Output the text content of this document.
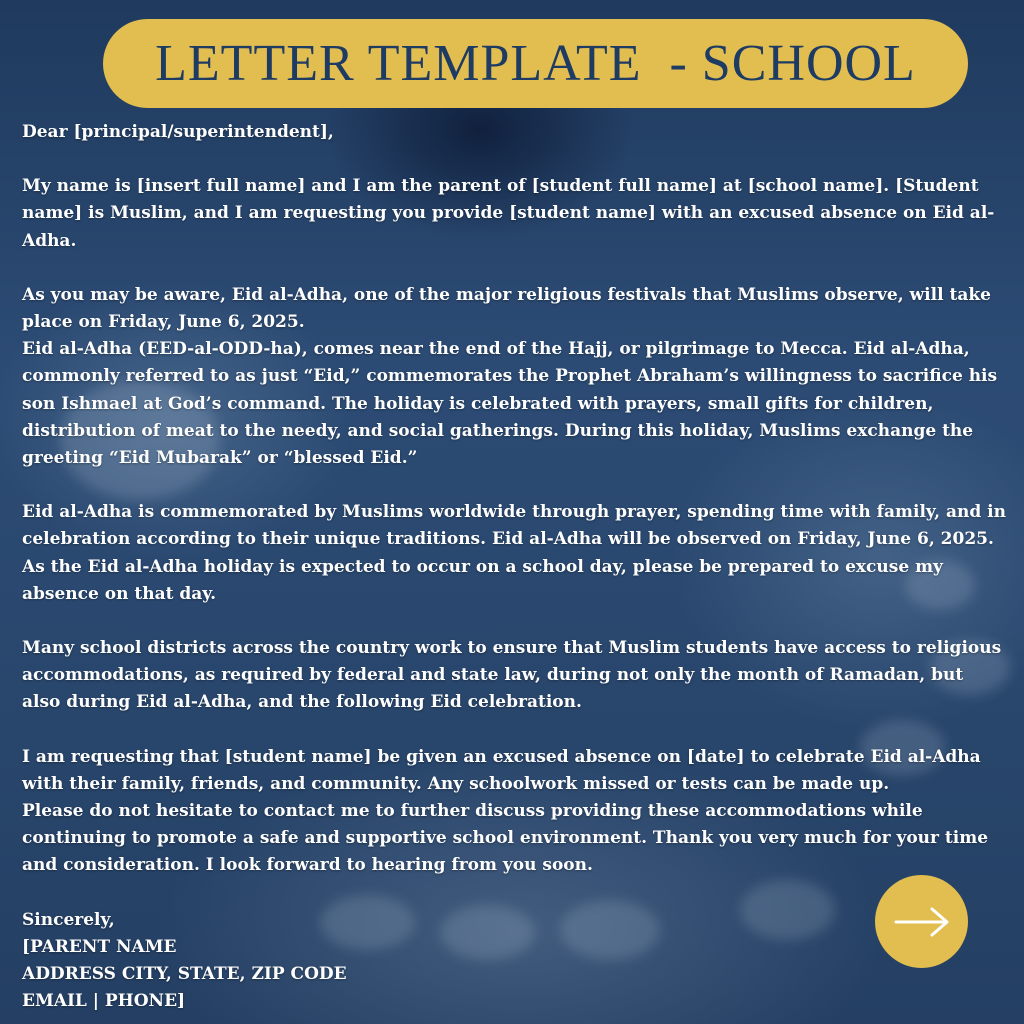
LETTER TEMPLATE  - SCHOOL

Dear [principal/superintendent],

My name is [insert full name] and I am the parent of [student full name] at [school name]. [Student name] is Muslim, and I am requesting you provide [student name] with an excused absence on Eid al-Adha.

As you may be aware, Eid al-Adha, one of the major religious festivals that Muslims observe, will take place on Friday, June 6, 2025.

Eid al-Adha (EED-al-ODD-ha), comes near the end of the Hajj, or pilgrimage to Mecca. Eid al-Adha, commonly referred to as just “Eid,” commemorates the Prophet Abraham’s willingness to sacrifice his son Ishmael at God’s command. The holiday is celebrated with prayers, small gifts for children, distribution of meat to the needy, and social gatherings. During this holiday, Muslims exchange the greeting “Eid Mubarak” or “blessed Eid.”

Eid al-Adha is commemorated by Muslims worldwide through prayer, spending time with family, and in celebration according to their unique traditions. Eid al-Adha will be observed on Friday, June 6, 2025. As the Eid al-Adha holiday is expected to occur on a school day, please be prepared to excuse my absence on that day.

Many school districts across the country work to ensure that Muslim students have access to religious accommodations, as required by federal and state law, during not only the month of Ramadan, but also during Eid al-Adha, and the following Eid celebration.

I am requesting that [student name] be given an excused absence on [date] to celebrate Eid al-Adha with their family, friends, and community. Any schoolwork missed or tests can be made up.

Please do not hesitate to contact me to further discuss providing these accommodations while continuing to promote a safe and supportive school environment. Thank you very much for your time and consideration. I look forward to hearing from you soon.

Sincerely,
[PARENT NAME
ADDRESS CITY, STATE, ZIP CODE
EMAIL | PHONE]
